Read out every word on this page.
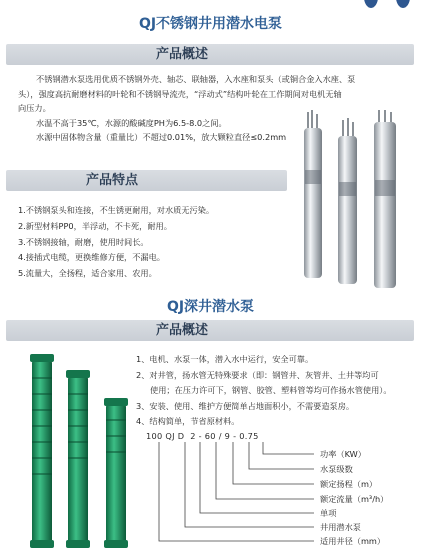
QJ不锈钢井用潜水电泵
产品概述
不锈钢潜水泵选用优质不锈钢外壳、轴芯、联轴器，入水座和泵头（或铜合金入水座、泵
头），强度高抗耐磨材料的叶轮和不锈钢导流壳，“浮动式”结构叶轮在工作期间对电机无轴
向压力。
水温不高于35℃，水源的酸碱度PH为6.5-8.0之间。
水源中固体物含量（重量比）不超过0.01%，放大颗粒直径≤0.2mm
产品特点
1.不锈钢泵头和连接，不生锈更耐用，对水质无污染。
2.新型材料PP0，半浮动，不卡死，耐用。
3.不锈钢接轴，耐磨，使用时间长。
4.接插式电缆，更换维修方便，不漏电。
5.流量大，全扬程，适合家用、农用。
QJ深井潜水泵
产品概述
1、电机、水泵一体，潜入水中运行，安全可靠。
2、对井管，扬水管无特殊要求（即：钢管井、灰管井、土井等均可
使用；在压力许可下，钢管、胶管、塑料管等均可作扬水管使用）。
3、安装、使用、维护方便简单占地面积小，不需要造泵房。
4、结构简单，节省原材料。
100 QJ D  2 - 60 / 9 - 0.75
功率（KW）
水泵级数
额定扬程（m）
额定流量（m³/h）
单项
井用潜水泵
适用井径（mm）
